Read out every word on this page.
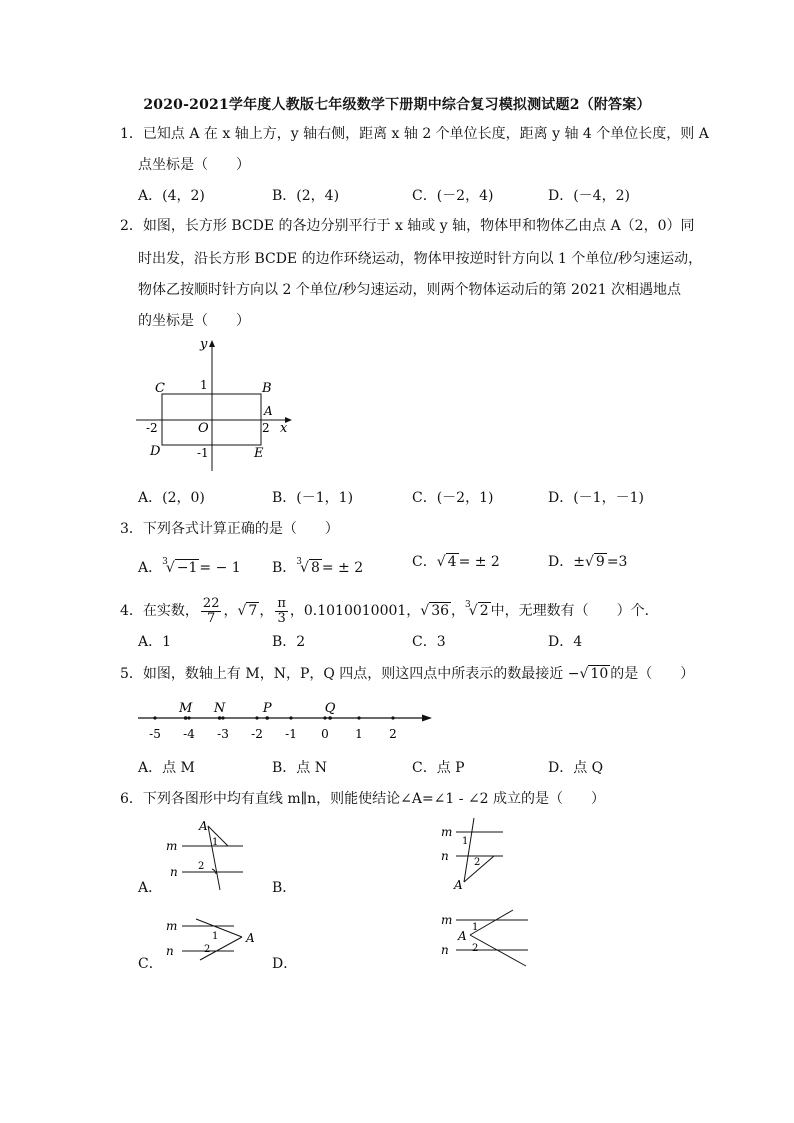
2020-2021学年度人教版七年级数学下册期中综合复习模拟测试题2（附答案）
1．已知点 A 在 x 轴上方，y 轴右侧，距离 x 轴 2 个单位长度，距离 y 轴 4 个单位长度，则 A
点坐标是（　　）
A．(4，2)	B．(2，4)	C．(－2，4)	D．(－4，2)
2．如图，长方形 BCDE 的各边分别平行于 x 轴或 y 轴，物体甲和物体乙由点 A（2，0）同
时出发，沿长方形 BCDE 的边作环绕运动，物体甲按逆时针方向以 1 个单位/秒匀速运动，
物体乙按顺时针方向以 2 个单位/秒匀速运动，则两个物体运动后的第 2021 次相遇地点
的坐标是（　　）
y
x
1
C	B
A
-2	O	2
D	-1	E
A．(2，0)	B．(－1，1)	C．(－2，1)	D．(－1，－1)
3．下列各式计算正确的是（　　）
A．$^3$√ −1 = − 1 B．$^3$√ 8 = ± 2	C．√ 4 = ± 2	D．±√ 9 =3
4．在实数， $\frac{22}{7}$ ，√ 7 ， $\frac{\pi}{3}$ ，0.1010010001，√ 36 ，$^3$√ 2 中，无理数有（　　）个．
A．1	B．2	C．3	D．4
5．如图，数轴上有 M，N，P，Q 四点，则这四点中所表示的数最接近 −√ 10 的是（　　）
-5 -4 -3 -2 -1 0 1 2
M N	P	Q
A．点 M	B．点 N	C．点 P	D．点 Q
6．下列各图形中均有直线 m∥n，则能使结论∠A=∠1 - ∠2 成立的是（　　）
A．
A
m
n
1
2
B．
m
n
1
2
A
C．
m
n
1
2
A
D．
m
n
1
2
A
